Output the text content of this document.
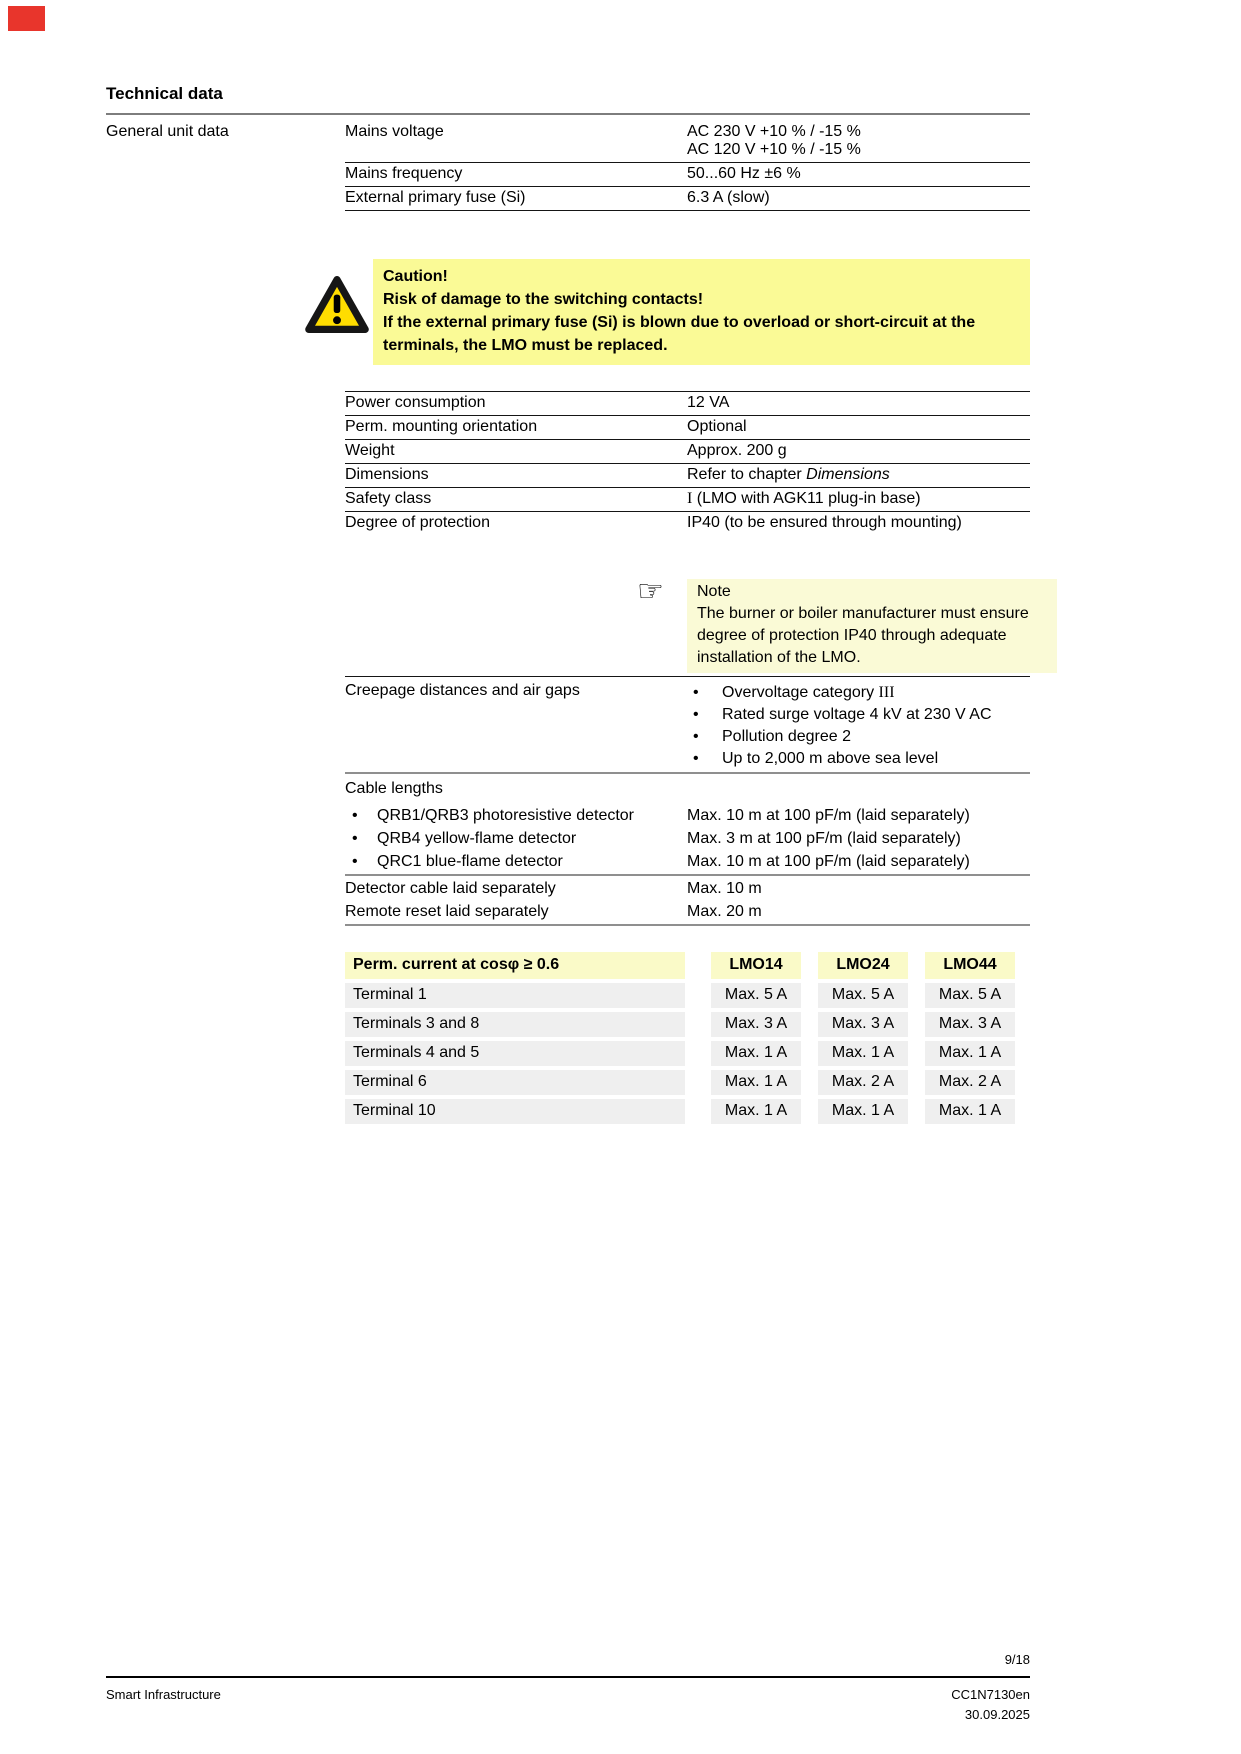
Technical data
General unit data	Mains voltage	AC 230 V +10 % / -15 %
AC 120 V +10 % / -15 %
Mains frequency	50...60 Hz ±6 %
External primary fuse (Si)	6.3 A (slow)
Caution!
Risk of damage to the switching contacts!
If the external primary fuse (Si) is blown due to overload or short-circuit at the terminals, the LMO must be replaced.
Power consumption	12 VA
Perm. mounting orientation	Optional
Weight	Approx. 200 g
Dimensions	Refer to chapter Dimensions
Safety class	I (LMO with AGK11 plug-in base)
Degree of protection	IP40 (to be ensured through mounting)
☞ Note
The burner or boiler manufacturer must ensure degree of protection IP40 through adequate installation of the LMO.
Creepage distances and air gaps	• Overvoltage category III
• Rated surge voltage 4 kV at 230 V AC
• Pollution degree 2
• Up to 2,000 m above sea level
Cable lengths
• QRB1/QRB3 photoresistive detector	Max. 10 m at 100 pF/m (laid separately)
• QRB4 yellow-flame detector	Max. 3 m at 100 pF/m (laid separately)
• QRC1 blue-flame detector	Max. 10 m at 100 pF/m (laid separately)
Detector cable laid separately	Max. 10 m
Remote reset laid separately	Max. 20 m
Perm. current at cosφ ≥ 0.6	LMO14	LMO24	LMO44
Terminal 1	Max. 5 A	Max. 5 A	Max. 5 A
Terminals 3 and 8	Max. 3 A	Max. 3 A	Max. 3 A
Terminals 4 and 5	Max. 1 A	Max. 1 A	Max. 1 A
Terminal 6	Max. 1 A	Max. 2 A	Max. 2 A
Terminal 10	Max. 1 A	Max. 1 A	Max. 1 A
9/18
Smart Infrastructure	CC1N7130en
30.09.2025
